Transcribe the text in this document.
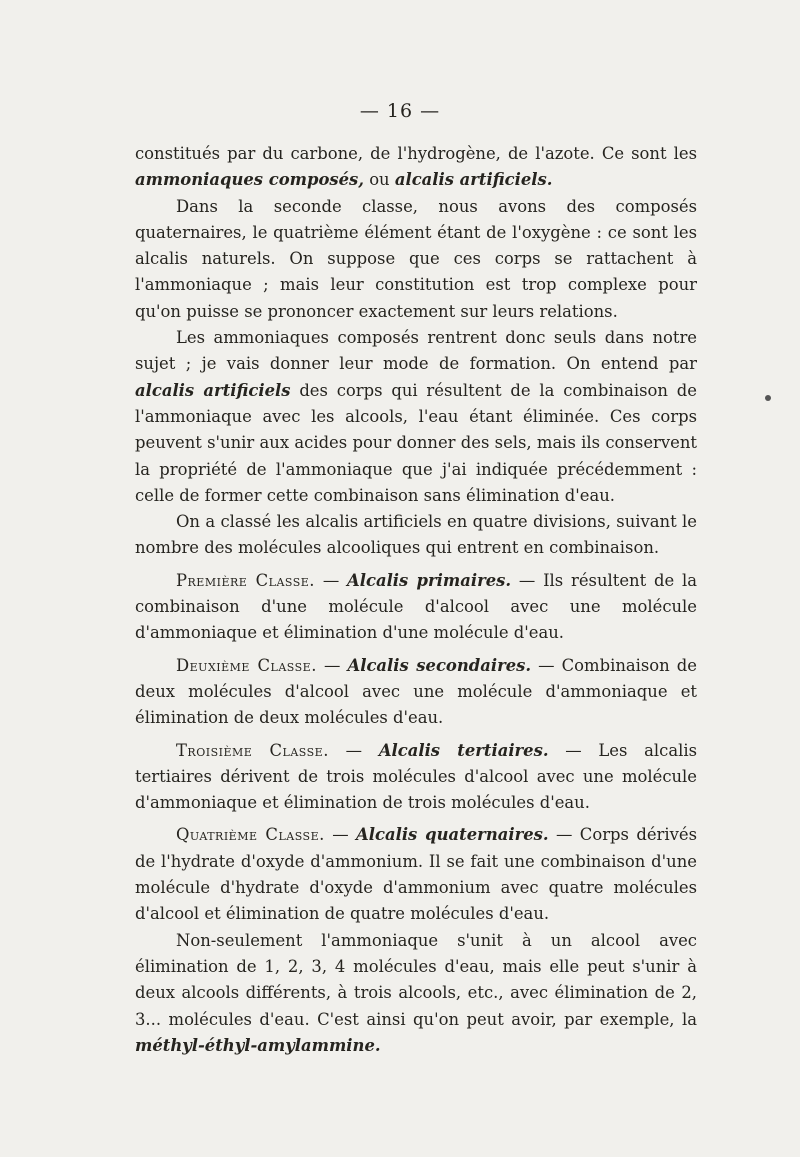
— 16 —

constitués par du carbone, de l'hydrogène, de l'azote. Ce sont les ammoniaques composés, ou alcalis artificiels.

Dans la seconde classe, nous avons des composés quaternaires, le quatrième élément étant de l'oxygène : ce sont les alcalis naturels. On suppose que ces corps se rattachent à l'ammoniaque ; mais leur constitution est trop complexe pour qu'on puisse se prononcer exactement sur leurs relations.

Les ammoniaques composés rentrent donc seuls dans notre sujet ; je vais donner leur mode de formation. On entend par alcalis artificiels des corps qui résultent de la combinaison de l'ammoniaque avec les alcools, l'eau étant éliminée. Ces corps peuvent s'unir aux acides pour donner des sels, mais ils conservent la propriété de l'ammoniaque que j'ai indiquée précédemment : celle de former cette combinaison sans élimination d'eau.

On a classé les alcalis artificiels en quatre divisions, suivant le nombre des molécules alcooliques qui entrent en combinaison.

Première Classe. — Alcalis primaires. — Ils résultent de la combinaison d'une molécule d'alcool avec une molécule d'ammoniaque et élimination d'une molécule d'eau.

Deuxième Classe. — Alcalis secondaires. — Combinaison de deux molécules d'alcool avec une molécule d'ammoniaque et élimination de deux molécules d'eau.

Troisième Classe. — Alcalis tertiaires. — Les alcalis tertiaires dérivent de trois molécules d'alcool avec une molécule d'ammoniaque et élimination de trois molécules d'eau.

Quatrième Classe. — Alcalis quaternaires. — Corps dérivés de l'hydrate d'oxyde d'ammonium. Il se fait une combinaison d'une molécule d'hydrate d'oxyde d'ammonium avec quatre molécules d'alcool et élimination de quatre molécules d'eau.

Non-seulement l'ammoniaque s'unit à un alcool avec élimination de 1, 2, 3, 4 molécules d'eau, mais elle peut s'unir à deux alcools différents, à trois alcools, etc., avec élimination de 2, 3... molécules d'eau. C'est ainsi qu'on peut avoir, par exemple, la méthyl-éthyl-amylammine.
